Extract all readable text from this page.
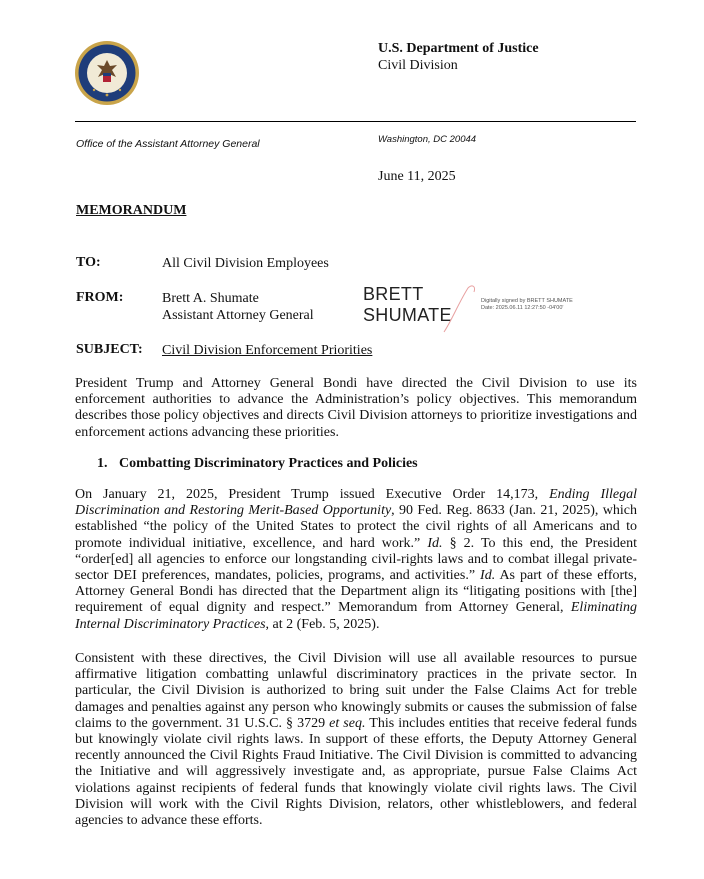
U.S. Department of Justice
Civil Division
Office of the Assistant Attorney General	Washington, DC 20044
June 11, 2025
MEMORANDUM
TO:	All Civil Division Employees
FROM:	Brett A. Shumate
Assistant Attorney General
BRETT
SHUMATE
Digitally signed by BRETT SHUMATE
Date: 2025.06.11 12:27:50 -04'00'
SUBJECT: Civil Division Enforcement Priorities
President Trump and Attorney General Bondi have directed the Civil Division to use its enforcement authorities to advance the Administration’s policy objectives. This memorandum describes those policy objectives and directs Civil Division attorneys to prioritize investigations and enforcement actions advancing these priorities.
1. Combatting Discriminatory Practices and Policies
On January 21, 2025, President Trump issued Executive Order 14,173, Ending Illegal Discrimination and Restoring Merit-Based Opportunity, 90 Fed. Reg. 8633 (Jan. 21, 2025), which established “the policy of the United States to protect the civil rights of all Americans and to promote individual initiative, excellence, and hard work.” Id. § 2. To this end, the President “order[ed] all agencies to enforce our longstanding civil-rights laws and to combat illegal private-sector DEI preferences, mandates, policies, programs, and activities.” Id. As part of these efforts, Attorney General Bondi has directed that the Department align its “litigating positions with [the] requirement of equal dignity and respect.” Memorandum from Attorney General, Eliminating Internal Discriminatory Practices, at 2 (Feb. 5, 2025).
Consistent with these directives, the Civil Division will use all available resources to pursue affirmative litigation combatting unlawful discriminatory practices in the private sector. In particular, the Civil Division is authorized to bring suit under the False Claims Act for treble damages and penalties against any person who knowingly submits or causes the submission of false claims to the government. 31 U.S.C. § 3729 et seq. This includes entities that receive federal funds but knowingly violate civil rights laws. In support of these efforts, the Deputy Attorney General recently announced the Civil Rights Fraud Initiative. The Civil Division is committed to advancing the Initiative and will aggressively investigate and, as appropriate, pursue False Claims Act violations against recipients of federal funds that knowingly violate civil rights laws. The Civil Division will work with the Civil Rights Division, relators, other whistleblowers, and federal agencies to advance these efforts.
